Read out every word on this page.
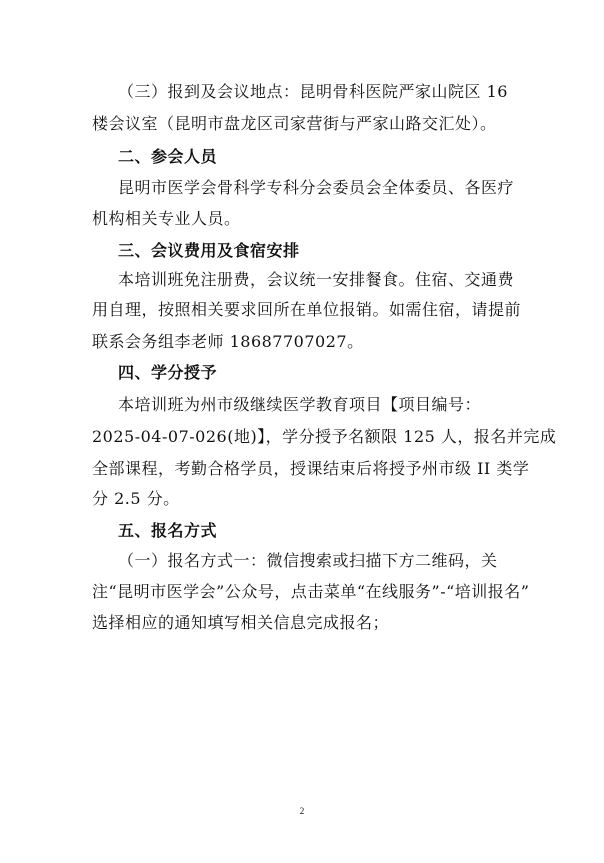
（三）报到及会议地点：昆明骨科医院严家山院区 16
楼会议室（昆明市盘龙区司家营街与严家山路交汇处）。
二、参会人员
昆明市医学会骨科学专科分会委员会全体委员、各医疗
机构相关专业人员。
三、会议费用及食宿安排
本培训班免注册费，会议统一安排餐食。住宿、交通费
用自理，按照相关要求回所在单位报销。如需住宿，请提前
联系会务组李老师 18687707027。
四、学分授予
本培训班为州市级继续医学教育项目【项目编号：
2025-04-07-026(地)】，学分授予名额限 125 人，报名并完成
全部课程，考勤合格学员，授课结束后将授予州市级 II 类学
分 2.5 分。
五、报名方式
（一）报名方式一：微信搜索或扫描下方二维码，关
注“昆明市医学会”公众号，点击菜单“在线服务”-“培训报名”
选择相应的通知填写相关信息完成报名；
2
